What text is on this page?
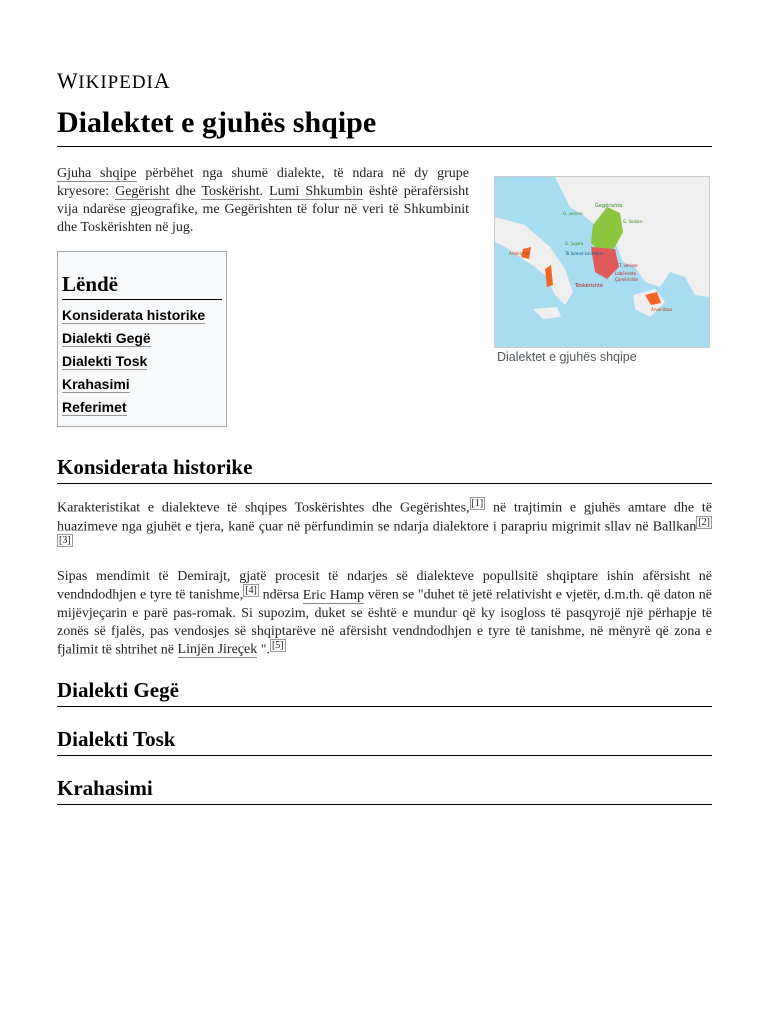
WIKIPEDIA
Dialektet e gjuhës shqipe

Gjuha shqipe përbëhet nga shumë dialekte, të ndara në dy grupe kryesore: Gegërisht dhe Toskërisht. Lumi Shkumbin është përafërsisht vija ndarëse gjeografike, me Gegërishten të folur në veri të Shkumbinit dhe Toskërishten në jug.

Gegërishte
G. veriore
G. lindore
G. jugore
Të folmet kalimtare
T. veriore
Labërishte
Çamërishte
Toskërishte
Arbërishte
Arvanitase
Dialektet e gjuhës shqipe
Lëndë
Konsiderata historike
Dialekti Gegë
Dialekti Tosk
Krahasimi
Referimet
Konsiderata historike

Karakteristikat e dialekteve të shqipes Toskërishtes dhe Gegërishtes, [1] në trajtimin e gjuhës amtare dhe të huazimeve nga gjuhët e tjera, kanë çuar në përfundimin se ndarja dialektore i parapriu migrimit sllav në Ballkan [2][3]

Sipas mendimit të Demirajt, gjatë procesit të ndarjes së dialekteve popullsitë shqiptare ishin afërsisht në vendndodhjen e tyre të tanishme, [4] ndërsa Eric Hamp vëren se "duhet të jetë relativisht e vjetër, d.m.th. që daton në mijëvjeçarin e parë pas-romak. Si supozim, duket se është e mundur që ky isogloss të pasqyrojë një përhapje të zonës së fjalës, pas vendosjes së shqiptarëve në afërsisht vendndodhjen e tyre të tanishme, në mënyrë që zona e fjalimit të shtrihet në Linjën Jireçek ". [5]

Dialekti Gegë
Dialekti Tosk
Krahasimi
